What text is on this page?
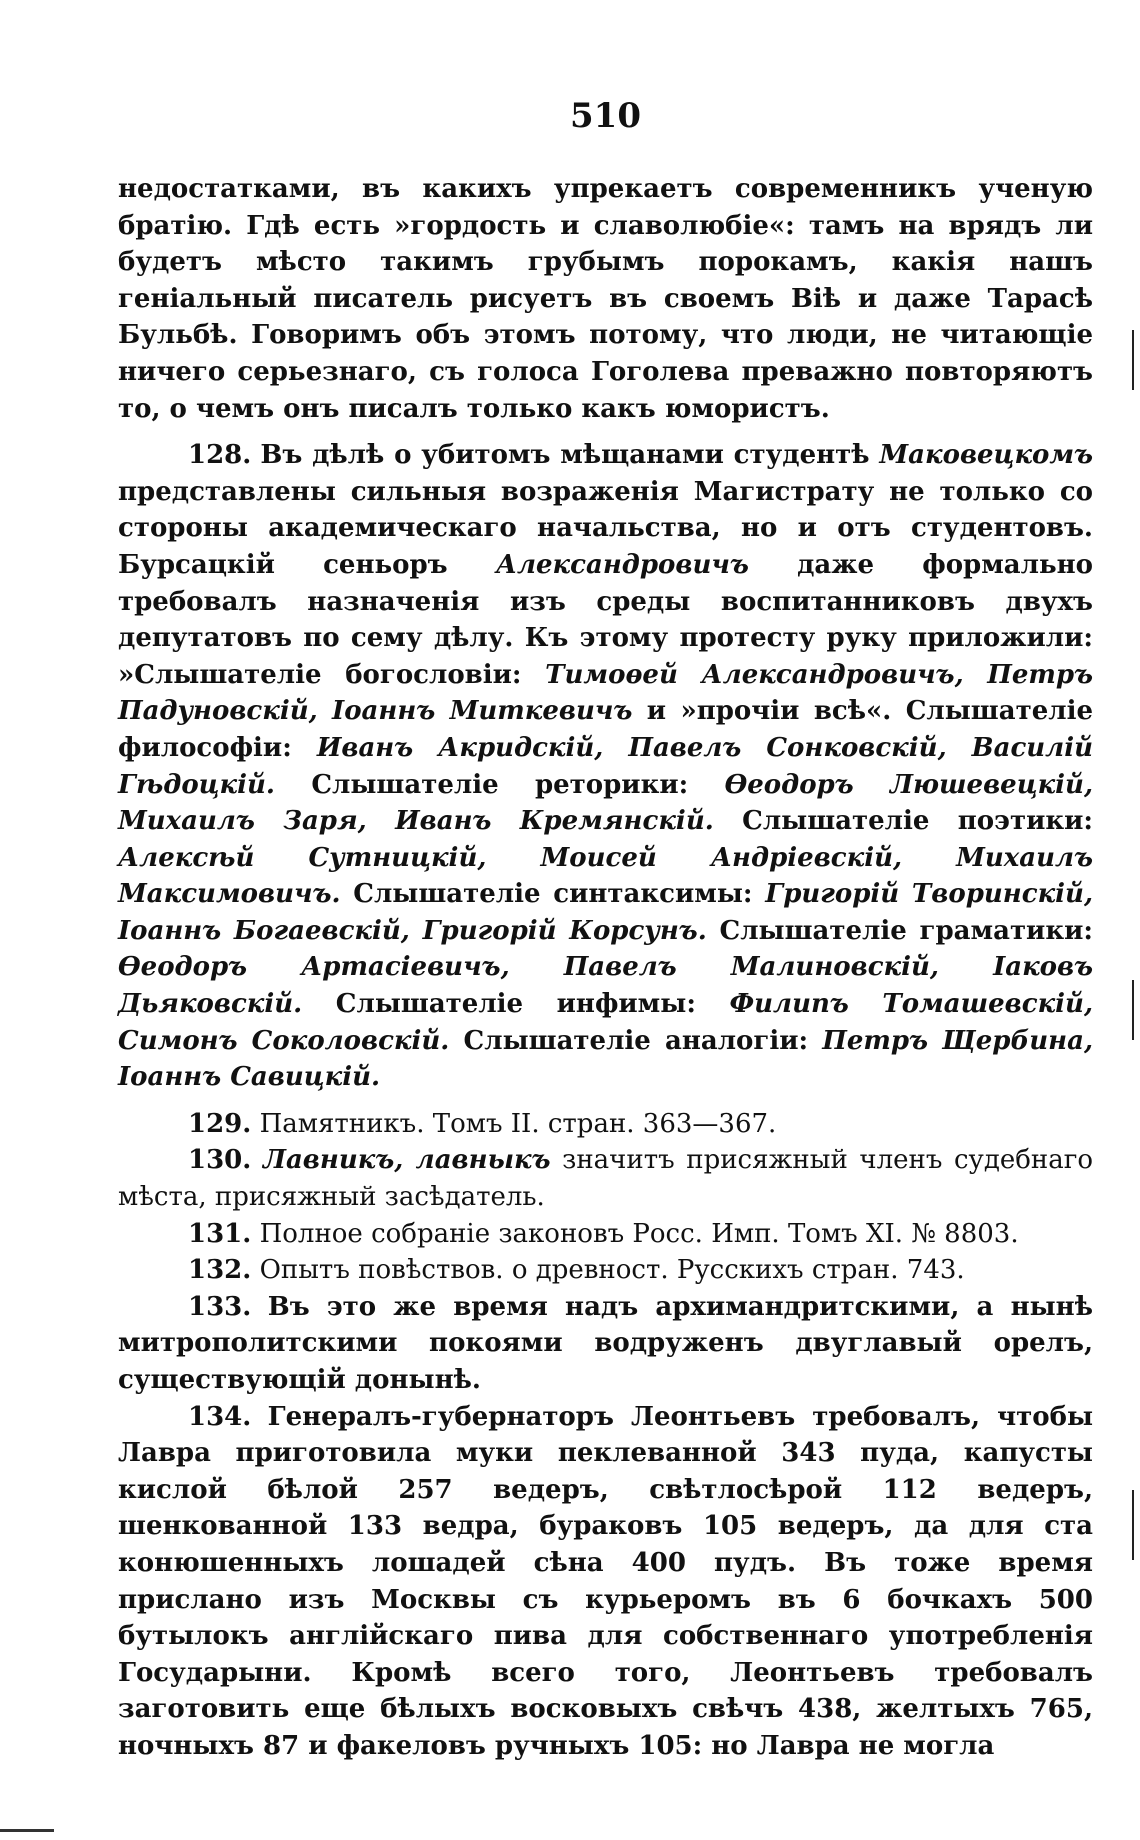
510

недостатками, въ какихъ упрекаетъ современникъ ученую братію. Гдѣ есть »гордость и славолюбіе«: тамъ на врядъ ли будетъ мѣсто такимъ грубымъ порокамъ, какія нашъ геніальный писатель рисуетъ въ своемъ Віѣ и даже Тарасѣ Бульбѣ. Говоримъ объ этомъ потому, что люди, не читающіе ничего серьезнаго, съ голоса Гоголева преважно повторяютъ то, о чемъ онъ писалъ только какъ юмористъ.

128. Въ дѣлѣ о убитомъ мѣщанами студентѣ Маковецкомъ представлены сильныя возраженія Магистрату не только со стороны академическаго начальства, но и отъ студентовъ. Бурсацкій сеньоръ Александровичъ даже формально требовалъ назначенія изъ среды воспитанниковъ двухъ депутатовъ по сему дѣлу. Къ этому протесту руку приложили: »Слышателіе богословіи: Тимоѳей Александровичъ, Петръ Падуновскій, Іоаннъ Миткевичъ и »прочіи всѣ«. Слышателіе философіи: Иванъ Акридскій, Павелъ Сонковскій, Василій Гѣдоцкій. Слышателіе реторики: Ѳеодоръ Люшевецкій, Михаилъ Заря, Иванъ Кремянскій. Слышателіе поэтики: Алексѣй Сутницкій, Моисей Андріевскій, Михаилъ Максимовичъ. Слышателіе синтаксимы: Григорій Творинскій, Іоаннъ Богаевскій, Григорій Корсунъ. Слышателіе граматики: Ѳеодоръ Артасіевичъ, Павелъ Малиновскій, Іаковъ Дьяковскій. Слышателіе инфимы: Филипъ Томашевскій, Симонъ Соколовскій. Слышателіе аналогіи: Петръ Щербина, Іоаннъ Савицкій.

129. Памятникъ. Томъ II. стран. 363—367.

130. Лавникъ, лавныкъ значитъ присяжный членъ судебнаго мѣста, присяжный засѣдатель.

131. Полное собраніе законовъ Росс. Имп. Томъ XI. № 8803.

132. Опытъ повѣствов. о древност. Русскихъ стран. 743.

133. Въ это же время надъ архимандритскими, а нынѣ митрополитскими покоями водруженъ двуглавый орелъ, существующій донынѣ.

134. Генералъ-губернаторъ Леонтьевъ требовалъ, чтобы Лавра приготовила муки пеклеванной 343 пуда, капусты кислой бѣлой 257 ведеръ, свѣтлосѣрой 112 ведеръ, шенкованной 133 ведра, бураковъ 105 ведеръ, да для ста конюшенныхъ лошадей сѣна 400 пудъ. Въ тоже время прислано изъ Москвы съ курьеромъ въ 6 бочкахъ 500 бутылокъ англійскаго пива для собственнаго употребленія Государыни. Кромѣ всего того, Леонтьевъ требовалъ заготовить еще бѣлыхъ восковыхъ свѣчъ 438, желтыхъ 765, ночныхъ 87 и факеловъ ручныхъ 105: но Лавра не могла
